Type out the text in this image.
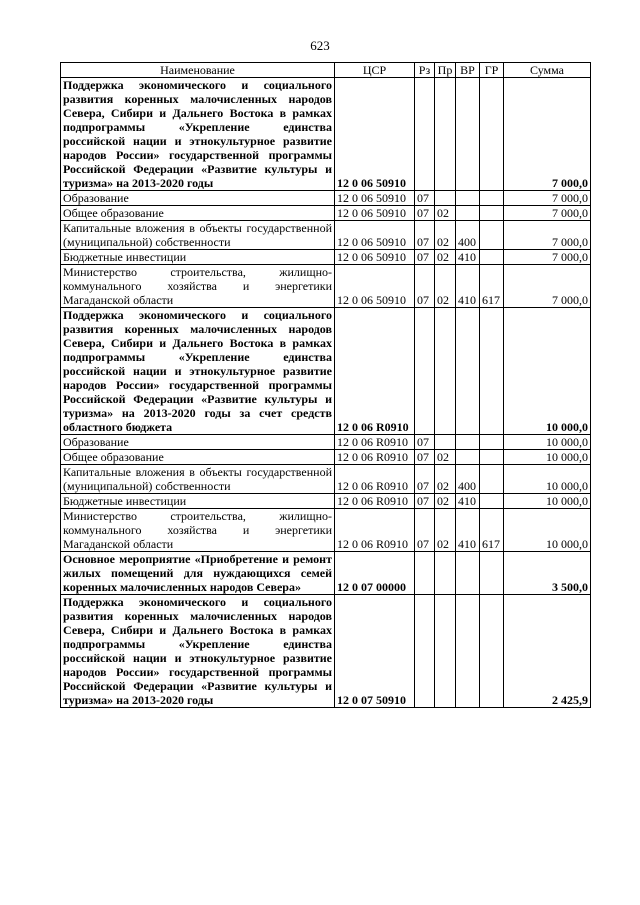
623
Наименование	ЦСР	Рз	Пр	ВР	ГР	Сумма
Поддержка экономического и социального развития коренных малочисленных народов Севера, Сибири и Дальнего Востока в рамках подпрограммы «Укрепление единства российской нации и этнокультурное развитие народов России» государственной программы Российской Федерации «Развитие культуры и туризма» на 2013-2020 годы	12 0 06 50910					7 000,0
Образование	12 0 06 50910	07				7 000,0
Общее образование	12 0 06 50910	07	02			7 000,0
Капитальные вложения в объекты государственной (муниципальной) собственности	12 0 06 50910	07	02	400		7 000,0
Бюджетные инвестиции	12 0 06 50910	07	02	410		7 000,0
Министерство строительства, жилищно-коммунального хозяйства и энергетики Магаданской области	12 0 06 50910	07	02	410	617	7 000,0
Поддержка экономического и социального развития коренных малочисленных народов Севера, Сибири и Дальнего Востока в рамках подпрограммы «Укрепление единства российской нации и этнокультурное развитие народов России» государственной программы Российской Федерации «Развитие культуры и туризма» на 2013-2020 годы за счет средств областного бюджета	12 0 06 R0910					10 000,0
Образование	12 0 06 R0910	07				10 000,0
Общее образование	12 0 06 R0910	07	02			10 000,0
Капитальные вложения в объекты государственной (муниципальной) собственности	12 0 06 R0910	07	02	400		10 000,0
Бюджетные инвестиции	12 0 06 R0910	07	02	410		10 000,0
Министерство строительства, жилищно-коммунального хозяйства и энергетики Магаданской области	12 0 06 R0910	07	02	410	617	10 000,0
Основное мероприятие «Приобретение и ремонт жилых помещений для нуждающихся семей коренных малочисленных народов Севера»	12 0 07 00000					3 500,0
Поддержка экономического и социального развития коренных малочисленных народов Севера, Сибири и Дальнего Востока в рамках подпрограммы «Укрепление единства российской нации и этнокультурное развитие народов России» государственной программы Российской Федерации «Развитие культуры и туризма» на 2013-2020 годы	12 0 07 50910					2 425,9
